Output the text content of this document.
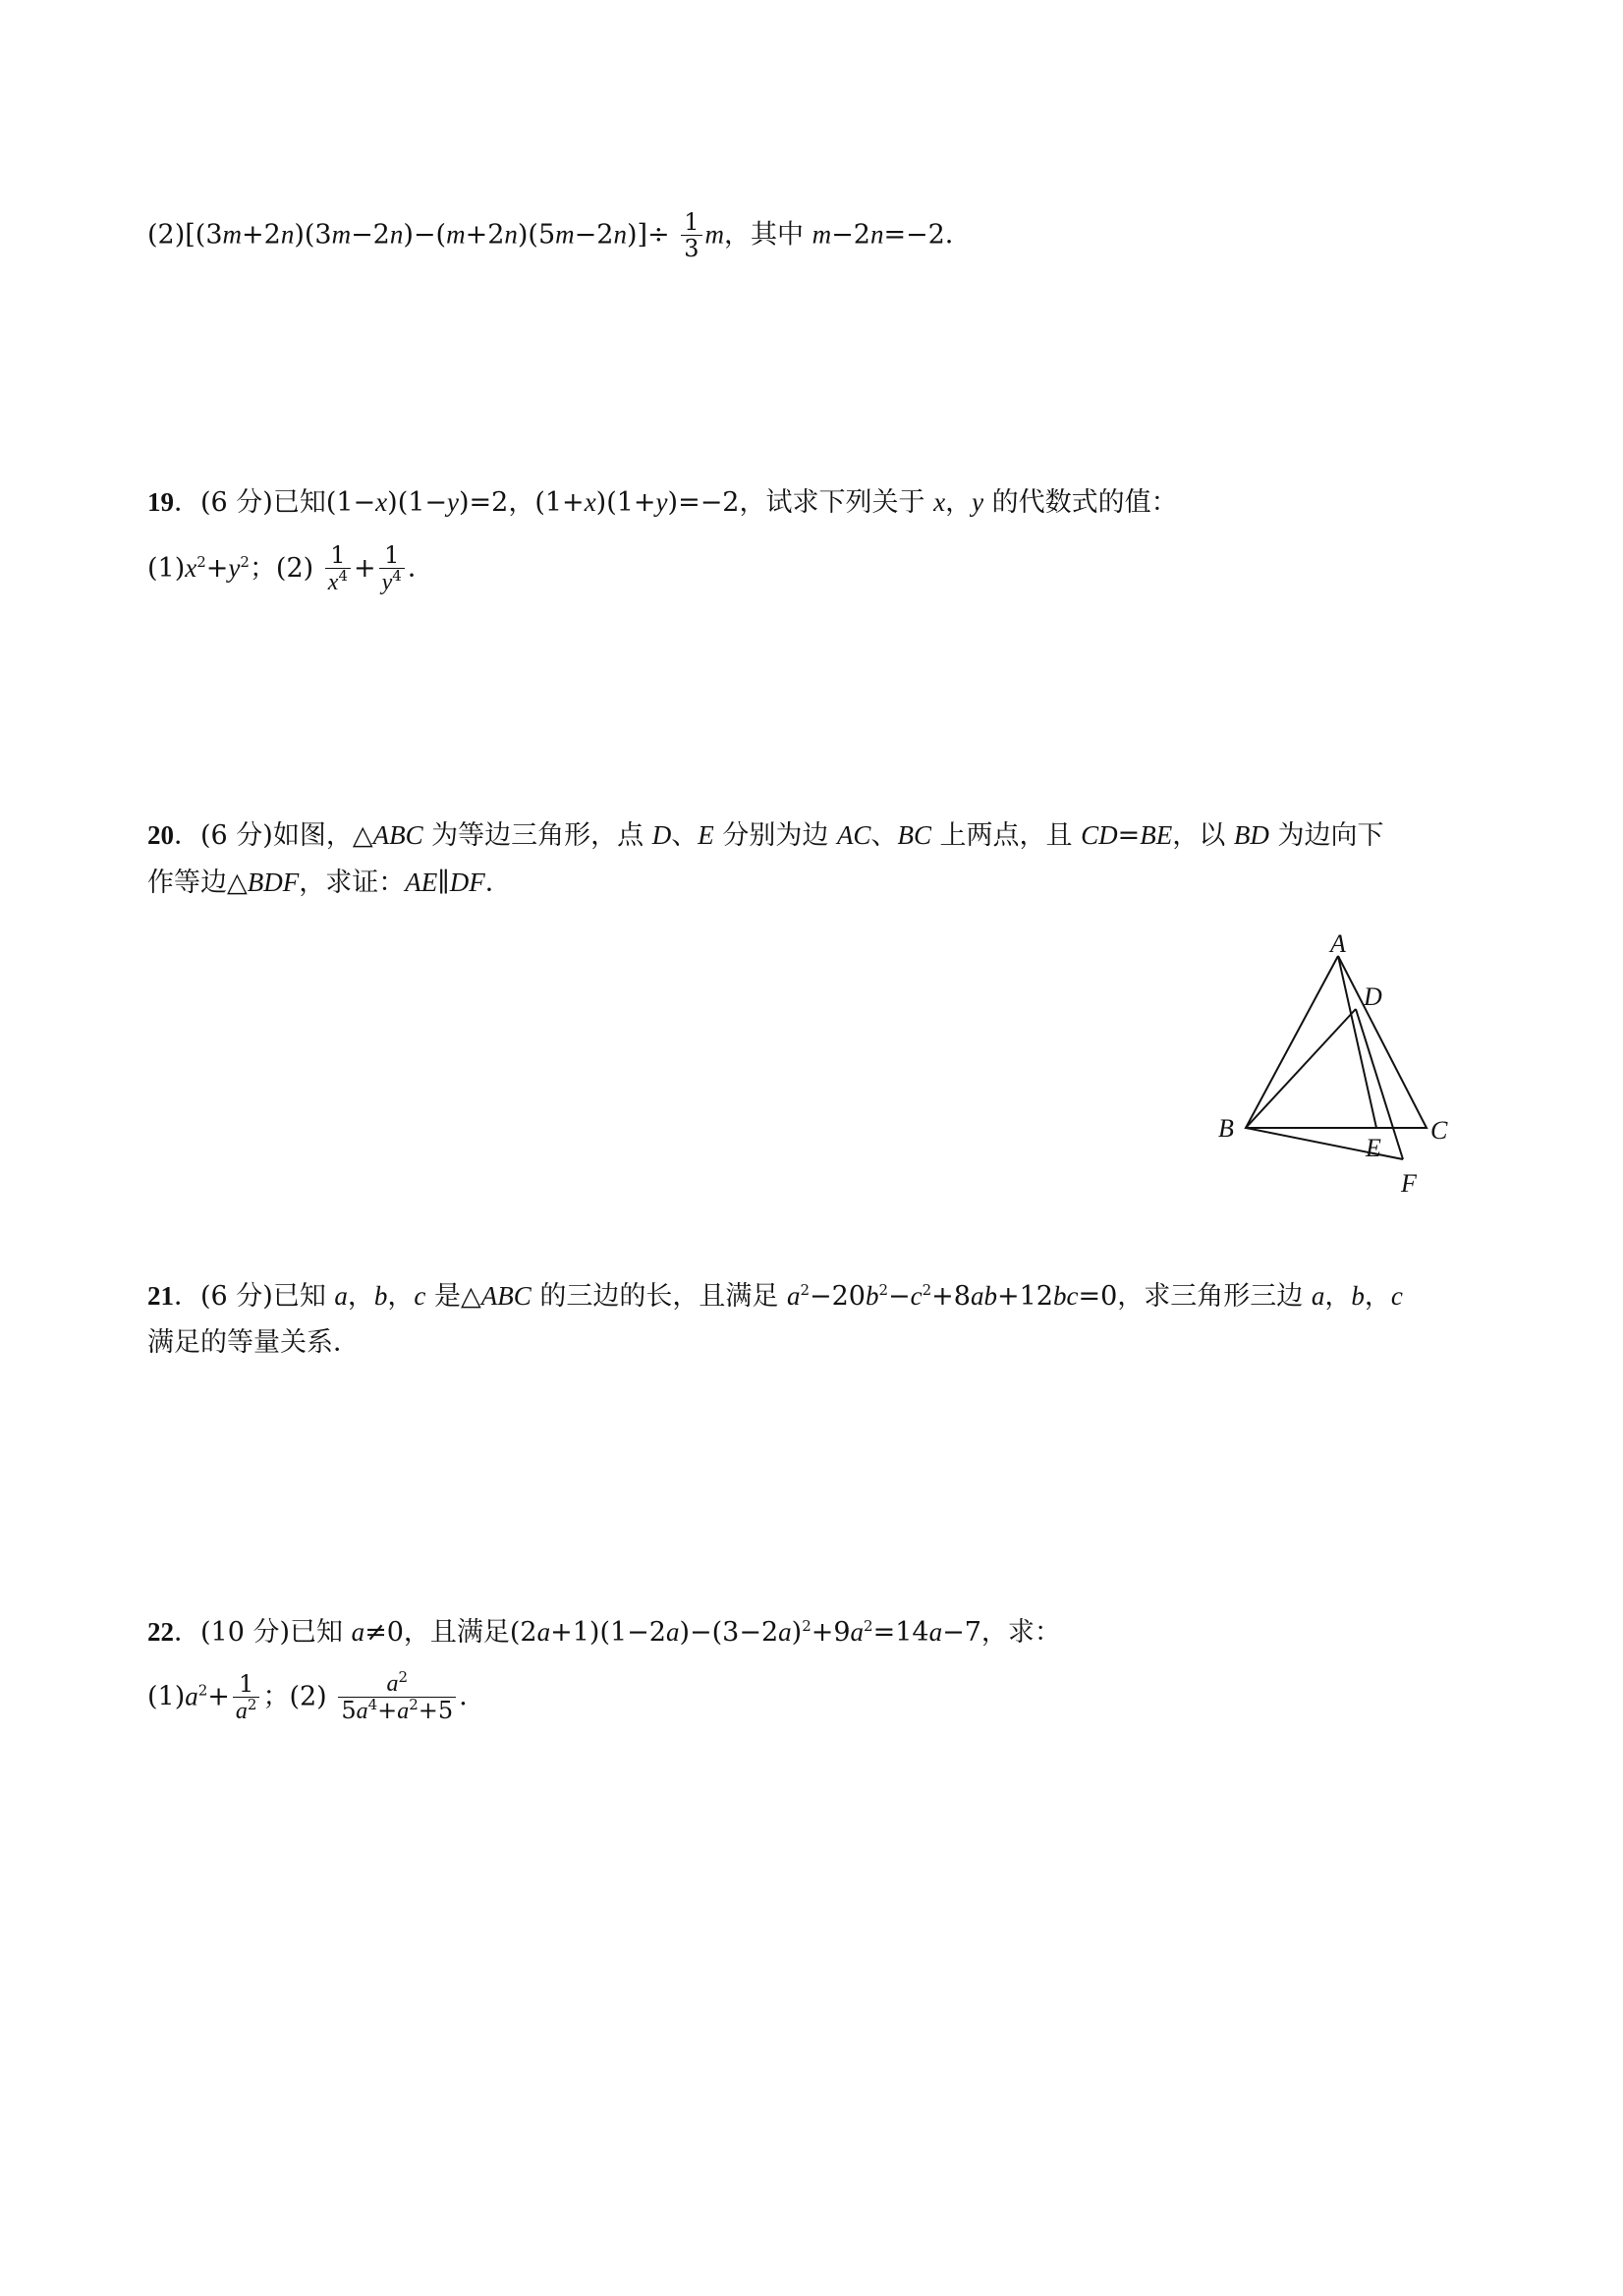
$(2)[(3m+2n)(3m-2n)-(m+2n)(5m-2n)]\div \frac{1}{3}$ m，其中 m−2n=−2．
19．(6 分)已知(1−x)(1−y)=2，(1+x)(1+y)=−2，试求下列关于 x，y 的代数式的值：
$(1)x^2+y^2$；$(2) \frac{1}{x^4} + \frac{1}{y^4}$ ．
20．(6 分)如图，△ABC 为等边三角形，点 D、E 分别为边 AC、BC 上两点，且 CD=BE，以 BD 为边向下
作等边△BDF，求证：AE∥DF．
A
D
B	C
E
F
21．(6 分)已知 a，b，c 是△ABC 的三边的长，且满足 $a^2-20b^2-c^2+8ab+12bc=0$，求三角形三边 a，b，c
满足的等量关系．
22．(10 分)已知 a≠0，且满足$(2a+1)(1-2a)-(3-2a)^2+9a^2=14a-7$，求：
$(1)a^2+ \frac{1}{a^2}$ ；$(2) \frac{a^2}{5a^4+a^2+5}$ ．
